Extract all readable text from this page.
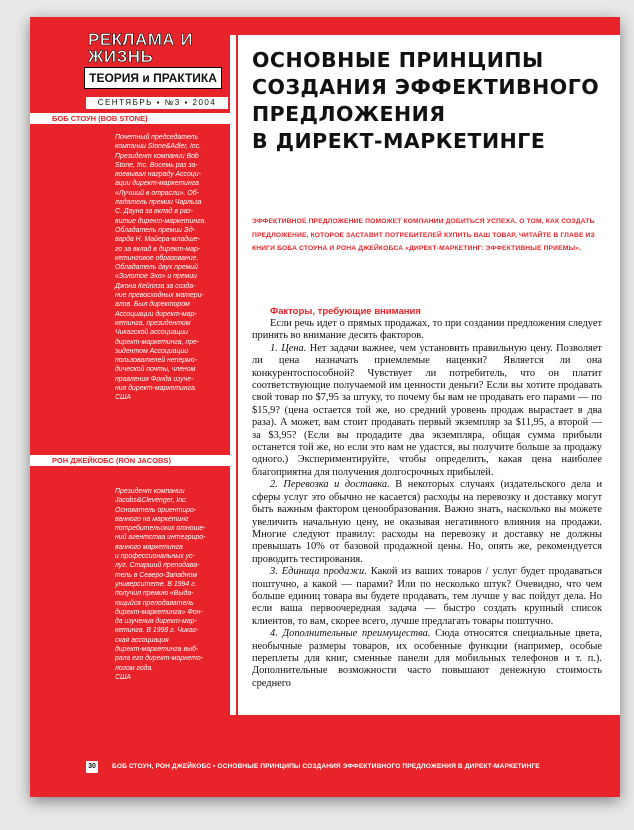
РЕКЛАМА И ЖИЗНЬ
ТЕОРИЯ и ПРАКТИКА
СЕНТЯБРЬ ▪ №3 ▪ 2004
БОБ СТОУН (BOB STONE)
Почетный председатель
компании Stone&Adler, Inc.
Президент компании Bob
Stone, Inc. Восемь раз за-
воевывал награду Ассоци-
ации директ-маркетинга
«Лучший в отрасли». Об-
ладатель премии Чарльза
С. Дауна за вклад в раз-
витие директ-маркетинга.
Обладатель премии Эд-
варда Н. Майера-младше-
го за вклад в директ-мар-
кетинговое образование.
Обладатель двух премий
«Золотое Эхо» и премии
Джона Кейплза за созда-
ние превосходных матери-
алов. Был директором
Ассоциации директ-мар-
кетинга, президентом
Чикагской ассоциации
директ-маркетинга, пре-
зидентом Ассоциации
пользователей непермо-
дической почты, членом
правления Фонда изуче-
ния директ-маркетинга.
США
РОН ДЖЕЙКОБС (RON JACOBS)
Президент компании
Jacobs&Clevenger, Inc.
Основатель ориентиро-
ванного на маркетинг
потребительских отноше-
ний агентства интегриро-
ванного маркетинга
и профессиональных ус-
луг. Старший преподава-
тель в Северо-Западном
университете. В 1994 г.
получил премию «Выда-
ющийся преподаватель
директ-маркетинга» Фон-
да изучения директ-мар-
кетинга. В 1998 г. Чикаг-
ская ассоциация
директ-маркетинга выб-
рала его директ-маркето-
логом года.
США
ОСНОВНЫЕ ПРИНЦИПЫ
СОЗДАНИЯ ЭФФЕКТИВНОГО
ПРЕДЛОЖЕНИЯ
В ДИРЕКТ-МАРКЕТИНГЕ
ЭФФЕКТИВНОЕ ПРЕДЛОЖЕНИЕ ПОМОЖЕТ КОМПАНИИ ДОБИТЬСЯ УСПЕХА. О ТОМ, КАК СОЗДАТЬ ПРЕДЛОЖЕНИЕ, КОТОРОЕ ЗАСТАВИТ ПОТРЕБИТЕЛЕЙ КУПИТЬ ВАШ ТОВАР, ЧИТАЙТЕ В ГЛАВЕ ИЗ КНИГИ БОБА СТОУНА И РОНА ДЖЕЙКОБСА «ДИРЕКТ-МАРКЕТИНГ: ЭФФЕКТИВНЫЕ ПРИЕМЫ».
Факторы, требующие внимания

Если речь идет о прямых продажах, то при создании предложения следует принять во внимание десять факторов.

1. Цена. Нет задачи важнее, чем установить правильную цену. Позволяет ли цена назначать приемлемые наценки? Является ли она конкурентоспособной? Чувствует ли потребитель, что он платит соответствующие получаемой им ценности деньги? Если вы хотите продавать свой товар по $7,95 за штуку, то почему бы вам не продавать его парами — по $15,9? (цена остается той же, но средний уровень продаж вырастает в два раза). А может, вам стоит продавать первый экземпляр за $11,95, а второй — за $3,95? (Если вы продадите два экземпляра, общая сумма прибыли останется той же, но если это вам не удастся, вы получите больше за продажу одного.) Экспериментируйте, чтобы определить, какая цена наиболее благоприятна для получения долгосрочных прибылей.

2. Перевозка и доставка. В некоторых случаях (издательского дела и сферы услуг это обычно не касается) расходы на перевозку и доставку могут быть важным фактором ценообразования. Важно знать, насколько вы можете увеличить начальную цену, не оказывая негативного влияния на продажи. Многие следуют правилу: расходы на перевозку и доставку не должны превышать 10% от базовой продажной цены. Но, опять же, рекомендуется проводить тестирования.

3. Единица продажи. Какой из ваших товаров / услуг будет продаваться поштучно, а какой — парами? Или по несколько штук? Очевидно, что чем больше единиц товара вы будете продавать, тем лучше у вас пойдут дела. Но если ваша первоочередная задача — быстро создать крупный список клиентов, то вам, скорее всего, лучше предлагать товары поштучно.

4. Дополнительные преимущества. Сюда относятся специальные цвета, необычные размеры товаров, их особенные функции (например, особые переплеты для книг, сменные панели для мобильных телефонов и т. п.). Дополнительные возможности часто повышают денежную стоимость среднего

30	БОБ СТОУН, РОН ДЖЕЙКОБС ▪ ОСНОВНЫЕ ПРИНЦИПЫ СОЗДАНИЯ ЭФФЕКТИВНОГО ПРЕДЛОЖЕНИЯ В ДИРЕКТ-МАРКЕТИНГЕ
